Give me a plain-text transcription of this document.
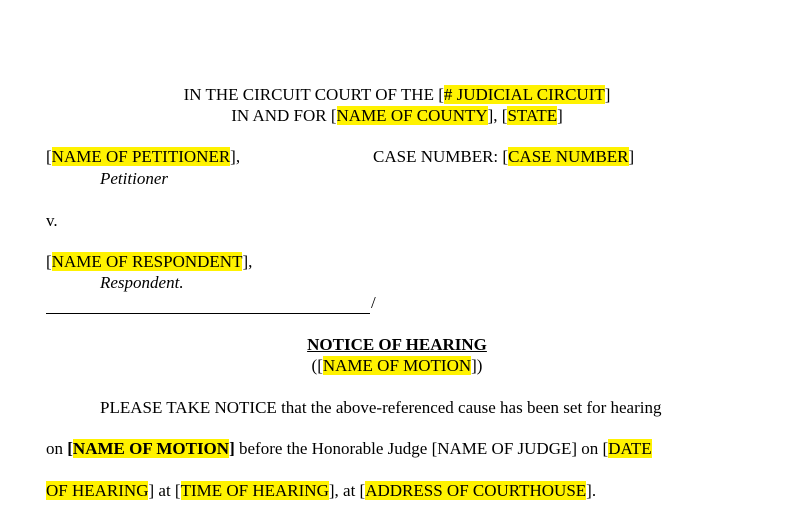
IN THE CIRCUIT COURT OF THE [# JUDICIAL CIRCUIT]
IN AND FOR [NAME OF COUNTY], [STATE]
[NAME OF PETITIONER],	CASE NUMBER: [CASE NUMBER]
Petitioner
v.
[NAME OF RESPONDENT],
Respondent.
/
NOTICE OF HEARING
([NAME OF MOTION])
PLEASE TAKE NOTICE that the above-referenced cause has been set for hearing
on [NAME OF MOTION] before the Honorable Judge [NAME OF JUDGE] on [DATE
OF HEARING] at [TIME OF HEARING], at [ADDRESS OF COURTHOUSE].
